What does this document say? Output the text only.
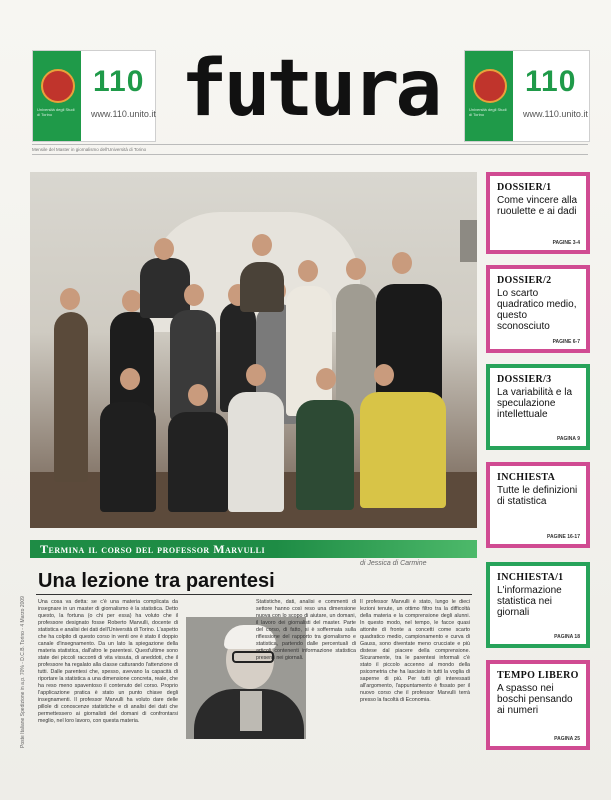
Università degli Studi di Torino
110
www.110.unito.it futura	Università degli Studi di Torino
110
www.110.unito.it
Mensile del Master in giornalismo dell'Università di Torino
Termina il corso del professor Marvulli
di Jessica di Carmine
Una lezione tra parentesi
Una cosa va detta: se c'è una materia complicata da insegnare in un master di giornalismo è la statistica. Detto questo, la fortuna (o chi per essa) ha voluto che il professore designato fosse Roberto Marvulli, docente di statistica e analisi dei dati dell'Università di Torino. L'aspetto che ha colpito di questo corso in venti ore è stato il doppio canale d'insegnamento. Da un lato la spiegazione della materia statistica, dall'altro le parentesi. Quest'ultime sono state dei piccoli racconti di vita vissuta, di aneddoti, che il professore ha regalato alla classe catturando l'attenzione di tutti. Dalle parentesi che, spesso, avevano la capacità di riportare la statistica a una dimensione concreta, reale, che ha reso meno spaventoso il contenuto del corso. Proprio l'applicazione pratica è stato un punto chiave degli insegnamenti. Il professor Marvulli ha voluto dare delle pillole di conoscenze statistiche e di analisi dei dati che permettessero ai giornalisti del domani di confrontarsi meglio, nel loro lavoro, con questa materia.
Statistiche, dati, analisi e commenti di settore hanno così reso una dimensione nuova con lo scopo di aiutare, un domani, il lavoro dei giornalisti del master. Parte del corso, di fatto, si è soffermata sulla riflessione del rapporto tra giornalismo e statistica, partendo dalle percentuali di articoli contenenti informazione statistica presenti nei giornali.
Il professor Marvulli è stato, lungo le dieci lezioni tenute, un ottimo filtro tra la difficoltà della materia e la comprensione degli alunni. In questo modo, nel tempo, le facce quasi attonite di fronte a concetti come scarto quadratico medio, campionamento e curva di Gauss, sono diventate meno crucciate e più distese dal piacere della comprensione. Sicuramente, tra le parentesi informali c'è stato il piccolo accenno al mondo della psicometria che ha lasciato in tutti la voglia di saperne di più. Per tutti gli interessati all'argomento, l'appuntamento è fissato per il nuovo corso che il professor Marvulli terrà presso la facoltà di Economia.
Poste Italiane Spedizione in a.p. 70% - D.C.B. Torino - 4 Marzo 2009
DOSSIER/1
Come vincere alla ruoulette e ai dadi
PAGINE 3-4
DOSSIER/2
Lo scarto quadratico medio, questo sconosciuto
PAGINE 6-7
DOSSIER/3
La variabilità e la speculazione intellettuale
PAGINA 9
INCHIESTA
Tutte le definizioni di statistica
PAGINE 16-17
INCHIESTA/1
L'informazione statistica nei giornali
PAGINA 18
TEMPO LIBERO
A spasso nei boschi pensando ai numeri
PAGINA 25
